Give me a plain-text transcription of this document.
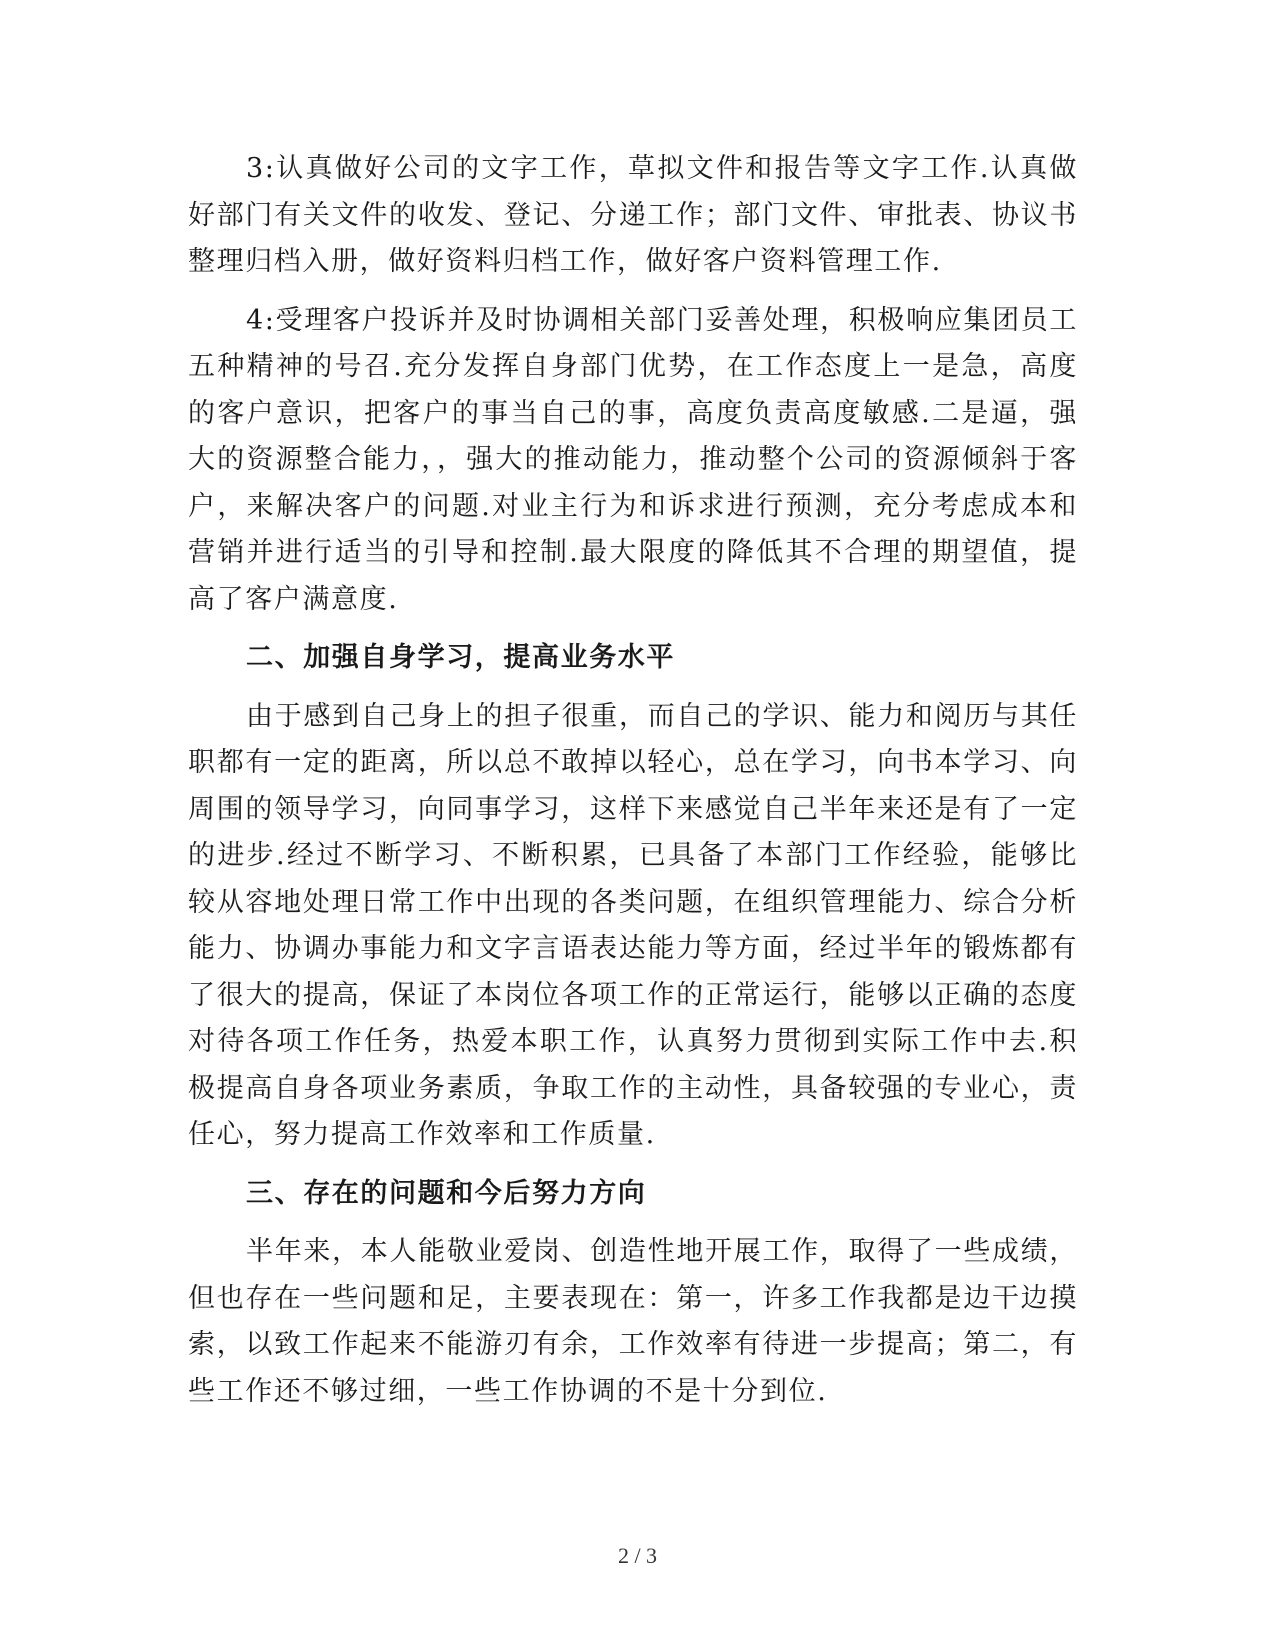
3:认真做好公司的文字工作，草拟文件和报告等文字工作.认真做好部门有关文件的收发、登记、分递工作；部门文件、审批表、协议书整理归档入册，做好资料归档工作，做好客户资料管理工作.

4:受理客户投诉并及时协调相关部门妥善处理，积极响应集团员工五种精神的号召.充分发挥自身部门优势，在工作态度上一是急，高度的客户意识，把客户的事当自己的事，高度负责高度敏感.二是逼，强大的资源整合能力，，强大的推动能力，推动整个公司的资源倾斜于客户，来解决客户的问题.对业主行为和诉求进行预测，充分考虑成本和营销并进行适当的引导和控制.最大限度的降低其不合理的期望值，提高了客户满意度.

二、加强自身学习，提高业务水平

由于感到自己身上的担子很重，而自己的学识、能力和阅历与其任职都有一定的距离，所以总不敢掉以轻心，总在学习，向书本学习、向周围的领导学习，向同事学习，这样下来感觉自己半年来还是有了一定的进步.经过不断学习、不断积累，已具备了本部门工作经验，能够比较从容地处理日常工作中出现的各类问题，在组织管理能力、综合分析能力、协调办事能力和文字言语表达能力等方面，经过半年的锻炼都有了很大的提高，保证了本岗位各项工作的正常运行，能够以正确的态度对待各项工作任务，热爱本职工作，认真努力贯彻到实际工作中去.积极提高自身各项业务素质，争取工作的主动性，具备较强的专业心，责任心，努力提高工作效率和工作质量.

三、存在的问题和今后努力方向

半年来，本人能敬业爱岗、创造性地开展工作，取得了一些成绩，但也存在一些问题和足，主要表现在：第一，许多工作我都是边干边摸索，以致工作起来不能游刃有余，工作效率有待进一步提高；第二，有些工作还不够过细，一些工作协调的不是十分到位.

2 / 3
